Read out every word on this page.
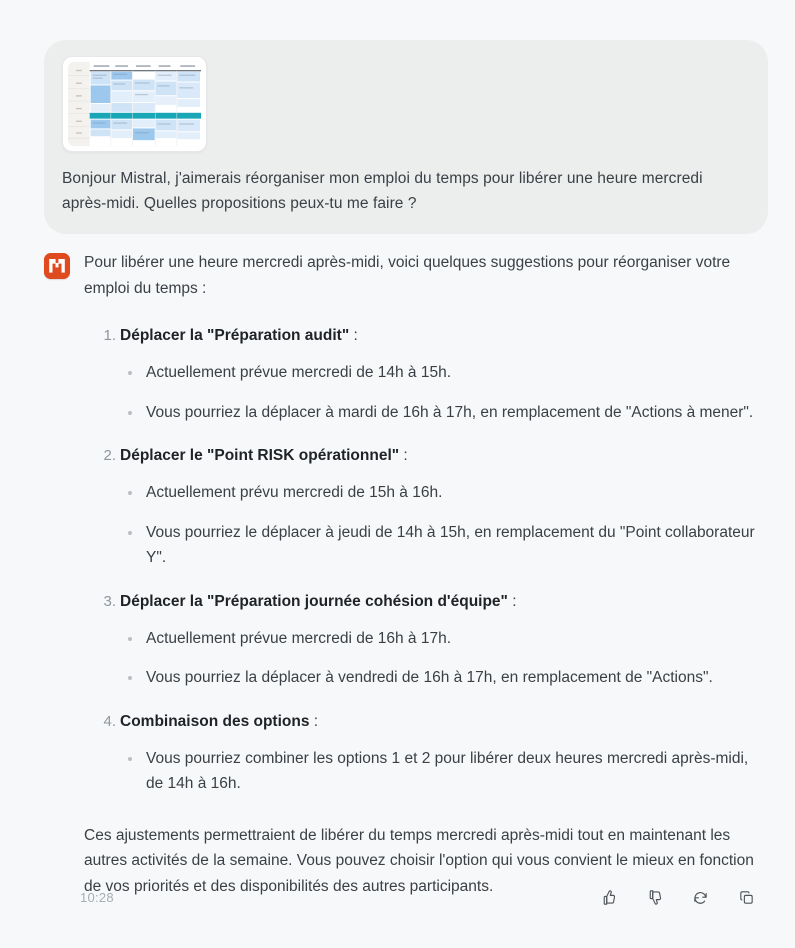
Bonjour Mistral, j'aimerais réorganiser mon emploi du temps pour libérer une heure mercredi après-midi. Quelles propositions peux-tu me faire ?

Pour libérer une heure mercredi après-midi, voici quelques suggestions pour réorganiser votre emploi du temps :

Déplacer la "Préparation audit" :
Actuellement prévue mercredi de 14h à 15h.
Vous pourriez la déplacer à mardi de 16h à 17h, en remplacement de "Actions à mener".
Déplacer le "Point RISK opérationnel" :
Actuellement prévu mercredi de 15h à 16h.
Vous pourriez le déplacer à jeudi de 14h à 15h, en remplacement du "Point collaborateur Y".
Déplacer la "Préparation journée cohésion d'équipe" :
Actuellement prévue mercredi de 16h à 17h.
Vous pourriez la déplacer à vendredi de 16h à 17h, en remplacement de "Actions".
Combinaison des options :
Vous pourriez combiner les options 1 et 2 pour libérer deux heures mercredi après-midi, de 14h à 16h.

Ces ajustements permettraient de libérer du temps mercredi après-midi tout en maintenant les autres activités de la semaine. Vous pouvez choisir l'option qui vous convient le mieux en fonction de vos priorités et des disponibilités des autres participants.

10:28
